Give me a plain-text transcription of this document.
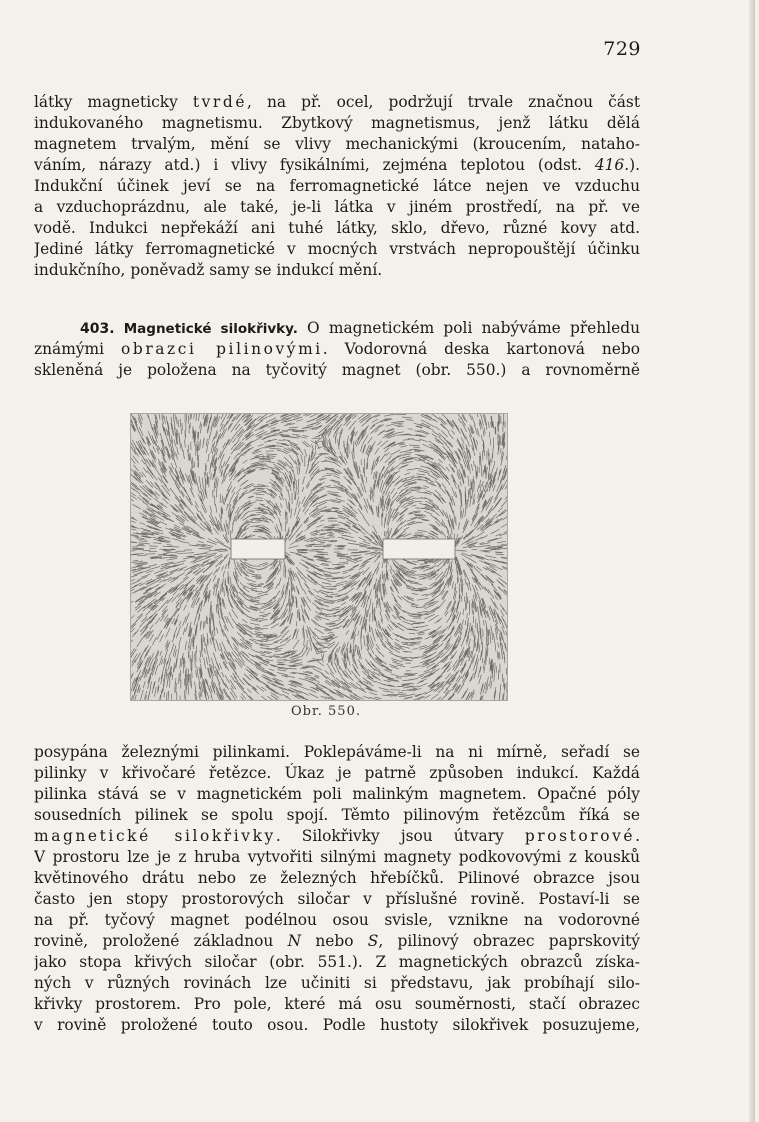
729
látky magneticky tvrdé, na př. ocel, podržují trvale značnou část
indukovaného magnetismu. Zbytkový magnetismus, jenž látku dělá
magnetem trvalým, mění se vlivy mechanickými (kroucením, nataho-
váním, nárazy atd.) i vlivy fysikálními, zejména teplotou (odst. 416.).
Indukční účinek jeví se na ferromagnetické látce nejen ve vzduchu
a vzduchoprázdnu, ale také, je-li látka v jiném prostředí, na př. ve
vodě. Indukci nepřekáží ani tuhé látky, sklo, dřevo, různé kovy atd.
Jediné látky ferromagnetické v mocných vrstvách nepropouštějí účinku
indukčního, poněvadž samy se indukcí mění.
403. Magnetické silokřivky. O magnetickém poli nabýváme přehledu
známými obrazci pilinovými. Vodorovná deska kartonová nebo
skleněná je položena na tyčovitý magnet (obr. 550.) a rovnoměrně
Obr. 550.
posypána železnými pilinkami. Poklepáváme-li na ni mírně, seřadí se
pilinky v křivočaré řetězce. Úkaz je patrně způsoben indukcí. Každá
pilinka stává se v magnetickém poli malinkým magnetem. Opačné póly
sousedních pilinek se spolu spojí. Těmto pilinovým řetězcům říká se
magnetické silokřivky. Silokřivky jsou útvary prostorové.
V prostoru lze je z hruba vytvořiti silnými magnety podkovovými z kousků
květinového drátu nebo ze železných hřebíčků. Pilinové obrazce jsou
často jen stopy prostorových siločar v příslušné rovině. Postaví-li se
na př. tyčový magnet podélnou osou svisle, vznikne na vodorovné
rovině, proložené základnou N nebo S, pilinový obrazec paprskovitý
jako stopa křivých siločar (obr. 551.). Z magnetických obrazců získa-
ných v různých rovinách lze učiniti si představu, jak probíhají silo-
křivky prostorem. Pro pole, které má osu souměrnosti, stačí obrazec
v rovině proložené touto osou. Podle hustoty silokřivek posuzujeme,
